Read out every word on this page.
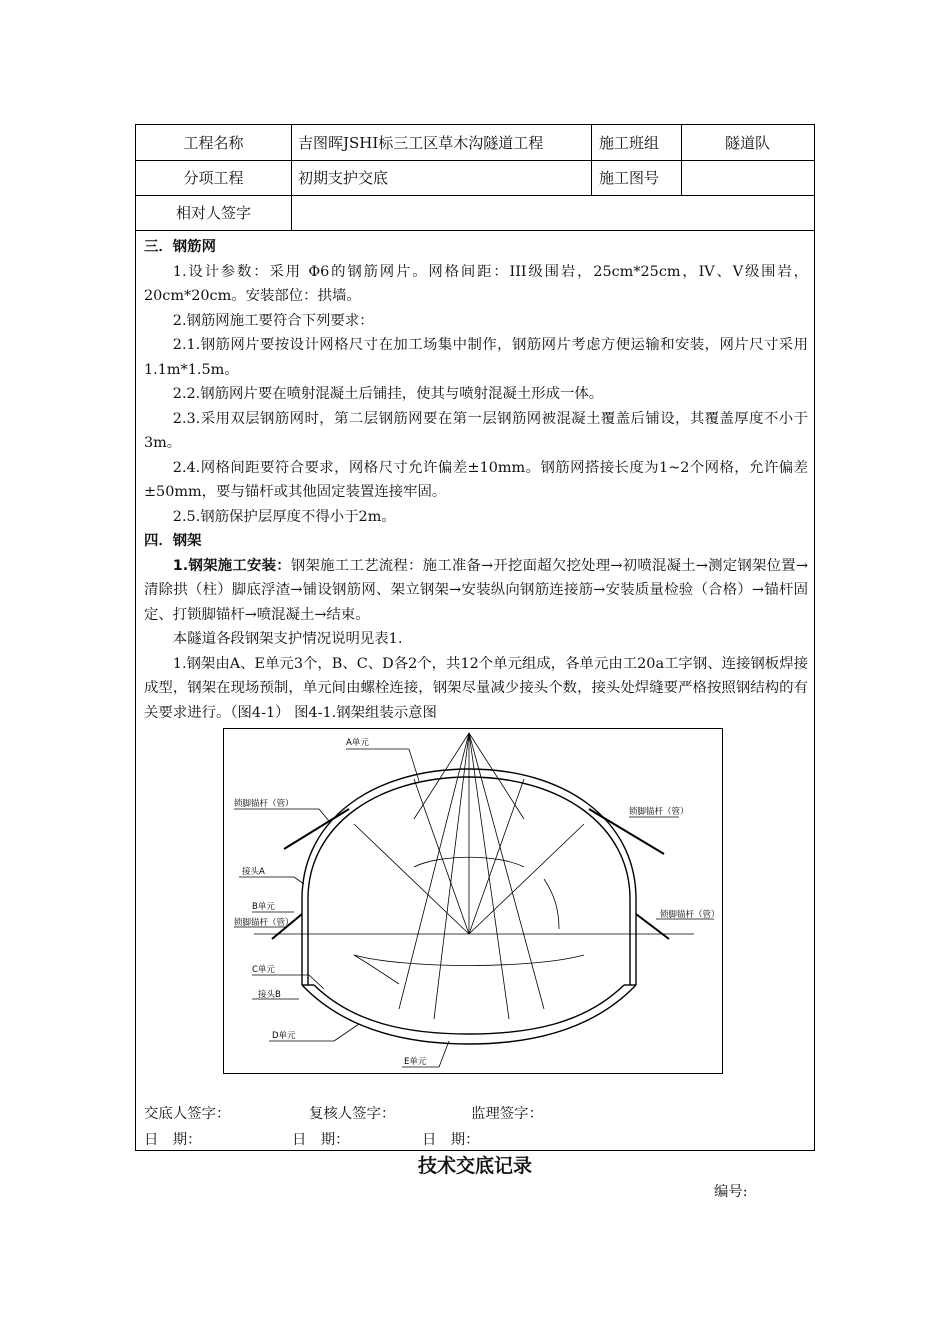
工程名称	吉图晖JSHI标三工区草木沟隧道工程	施工班组	隧道队
分项工程	初期支护交底	施工图号
相对人签字
三．钢筋网

1.设计参数：采用 Φ6的钢筋网片。网格间距：III级围岩，25cm*25cm，IV、V级围岩，20cm*20cm。安装部位：拱墙。

2.钢筋网施工要符合下列要求：

2.1.钢筋网片要按设计网格尺寸在加工场集中制作，钢筋网片考虑方便运输和安装，网片尺寸采用1.1m*1.5m。

2.2.钢筋网片要在喷射混凝土后铺挂，使其与喷射混凝土形成一体。

2.3.采用双层钢筋网时，第二层钢筋网要在第一层钢筋网被混凝土覆盖后铺设，其覆盖厚度不小于3m。

2.4.网格间距要符合要求，网格尺寸允许偏差±10mm。钢筋网搭接长度为1~2个网格，允许偏差±50mm，要与锚杆或其他固定装置连接牢固。

2.5.钢筋保护层厚度不得小于2m。

四．钢架

1.钢架施工安装：钢架施工工艺流程：施工准备→开挖面超欠挖处理→初喷混凝土→测定钢架位置→清除拱（柱）脚底浮渣→铺设钢筋网、架立钢架→安装纵向钢筋连接筋→安装质量检验（合格）→锚杆固定、打锁脚锚杆→喷混凝土→结束。

本隧道各段钢架支护情况说明见表1.

1.钢架由A、E单元3个，B、C、D各2个，共12个单元组成，各单元由工20a工字钢、连接钢板焊接成型，钢架在现场预制，单元间由螺栓连接，钢架尽量减少接头个数，接头处焊缝要严格按照钢结构的有关要求进行。（图4-1） 图4-1.钢架组装示意图

A单元
锁脚锚杆（管）
接头A
B单元
锁脚锚杆（管）
C单元
接头B
D单元
E单元
锁脚锚杆（管）
锁脚锚杆（管）
交底人签字：	复核人签字：	监理签字：
日　期：	日　期：	日　期：
技术交底记录
编号:
